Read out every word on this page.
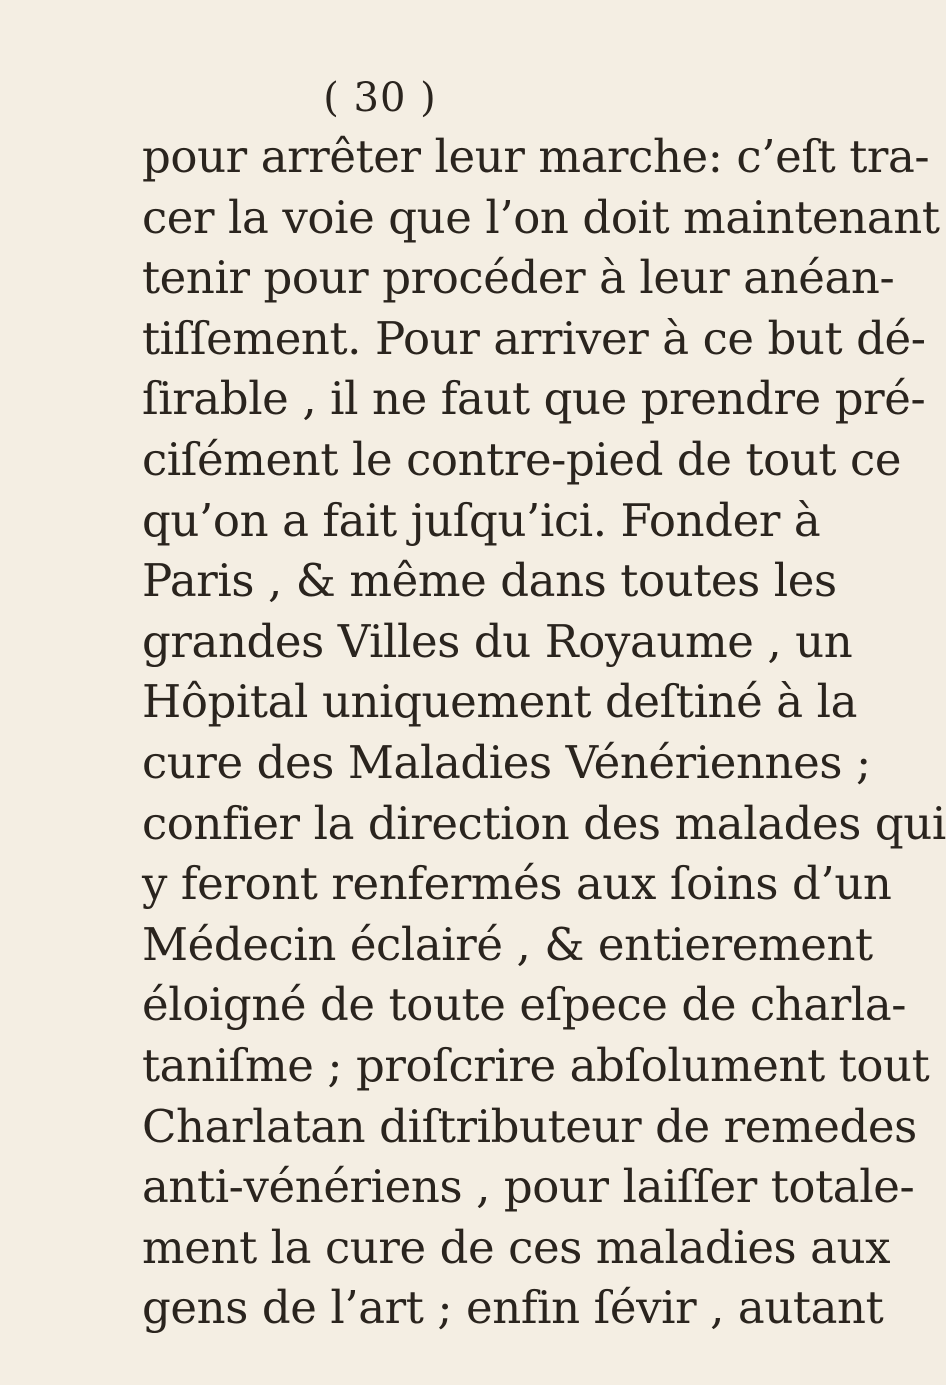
( 30 )
pour arrêter leur marche: c’eſt tra-
cer la voie que l’on doit maintenant
tenir pour procéder à leur anéan-
tiſſement. Pour arriver à ce but dé-
ſirable , il ne faut que prendre pré-
ciſément le contre-pied de tout ce
qu’on a fait juſqu’ici. Fonder à
Paris , & même dans toutes les
grandes Villes du Royaume , un
Hôpital uniquement deſtiné à la
cure des Maladies Vénériennes ;
confier la direction des malades qui
y feront renfermés aux ſoins d’un
Médecin éclairé , & entierement
éloigné de toute eſpece de charla-
taniſme ; proſcrire abſolument tout
Charlatan diſtributeur de remedes
anti-vénériens , pour laiſſer totale-
ment la cure de ces maladies aux
gens de l’art ; enfin ſévir , autant
